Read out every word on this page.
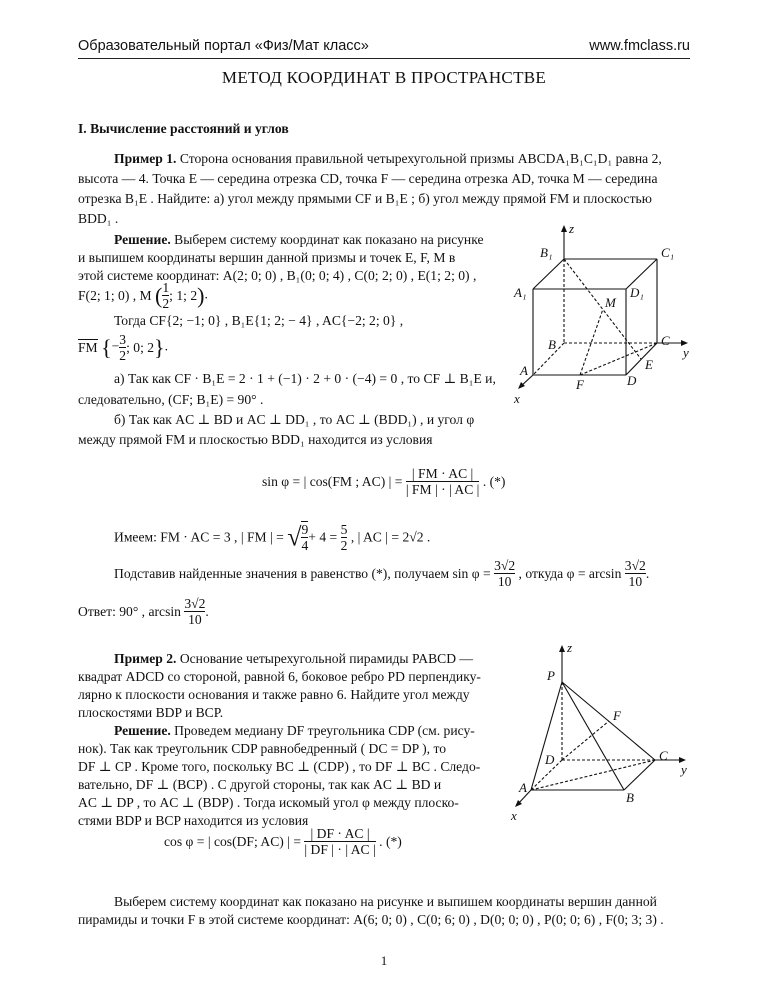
Образовательный портал «Физ/Мат класс»	www.fmclass.ru
МЕТОД КООРДИНАТ В ПРОСТРАНСТВЕ
I. Вычисление расстояний и углов
Пример 1. Сторона основания правильной четырехугольной призмы ABCDA₁B₁C₁D₁ равна 2,
высота — 4. Точка E — середина отрезка CD, точка F — середина отрезка AD, точка M — середина
отрезка B₁E . Найдите: а) угол между прямыми CF и B₁E ; б) угол между прямой FM и плоскостью
BDD₁ .
Решение. Выберем систему координат как показано на рисунке
и выпишем координаты вершин данной призмы и точек E, F, M в
этой системе координат: A(2; 0; 0) , B₁(0; 0; 4) , C(0; 2; 0) , E(1; 2; 0) ,
F(2; 1; 0) , M ( $\frac{1}{2}$ ; 1; 2).
Тогда CF{2; −1; 0} , B₁E{1; 2; − 4} , AC{−2; 2; 0} ,
FM {− $\frac{3}{2}$ ; 0; 2}.
а) Так как CF · B₁E = 2 · 1 + (−1) · 2 + 0 · (−4) = 0 , то CF ⊥ B₁E и,
следовательно, (CF; B₁E) = 90° .
б) Так как AC ⊥ BD и AC ⊥ DD₁ , то AC ⊥ (BDD₁) , и угол φ
между прямой FM и плоскостью BDD₁ находится из условия
sin φ = | cos(FM ; AC) | = $\frac{| FM \cdot AC |}{| FM | \cdot | AC |}$ . (*)
Имеем: FM · AC = 3 , | FM | = √ $\frac{9}{4} + 4 = \frac{5}{2}$ , | AC | = 2√2 .
Подставив найденные значения в равенство (*), получаем $\sin \varphi = \frac{3√2}{10}$ , откуда $\varphi = \arcsin \frac{3√2}{10}$ .
Ответ: 90° , $\arcsin \frac{3√2}{10}$ .
Пример 2. Основание четырехугольной пирамиды PABCD —
квадрат ADCD со стороной, равной 6, боковое ребро PD перпендику-
лярно к плоскости основания и также равно 6. Найдите угол между
плоскостями BDP и BCP.
Решение. Проведем медиану DF треугольника CDP (см. рису-
нок). Так как треугольник CDP равнобедренный ( DC = DP ), то
DF ⊥ CP . Кроме того, поскольку BC ⊥ (CDP) , то DF ⊥ BC . Следо-
вательно, DF ⊥ (BCP) . С другой стороны, так как AC ⊥ BD и
AC ⊥ DP , то AC ⊥ (BDP) . Тогда искомый угол φ между плоско-
стями BDP и BCP находится из условия
cos φ = | cos(DF; AC) | = $\frac{| DF \cdot AC |}{| DF | \cdot | AC |}$ . (*)
Выберем систему координат как показано на рисунке и выпишем координаты вершин данной
пирамиды и точки F в этой системе координат: A(6; 0; 0) , C(0; 6; 0) , D(0; 0; 0) , P(0; 0; 6) , F(0; 3; 3) .
z
y
x
B₁	C₁
A₁	D₁
M
B	C
E
A
F	D
z
y
x
P
F
D	C
A
B
1
